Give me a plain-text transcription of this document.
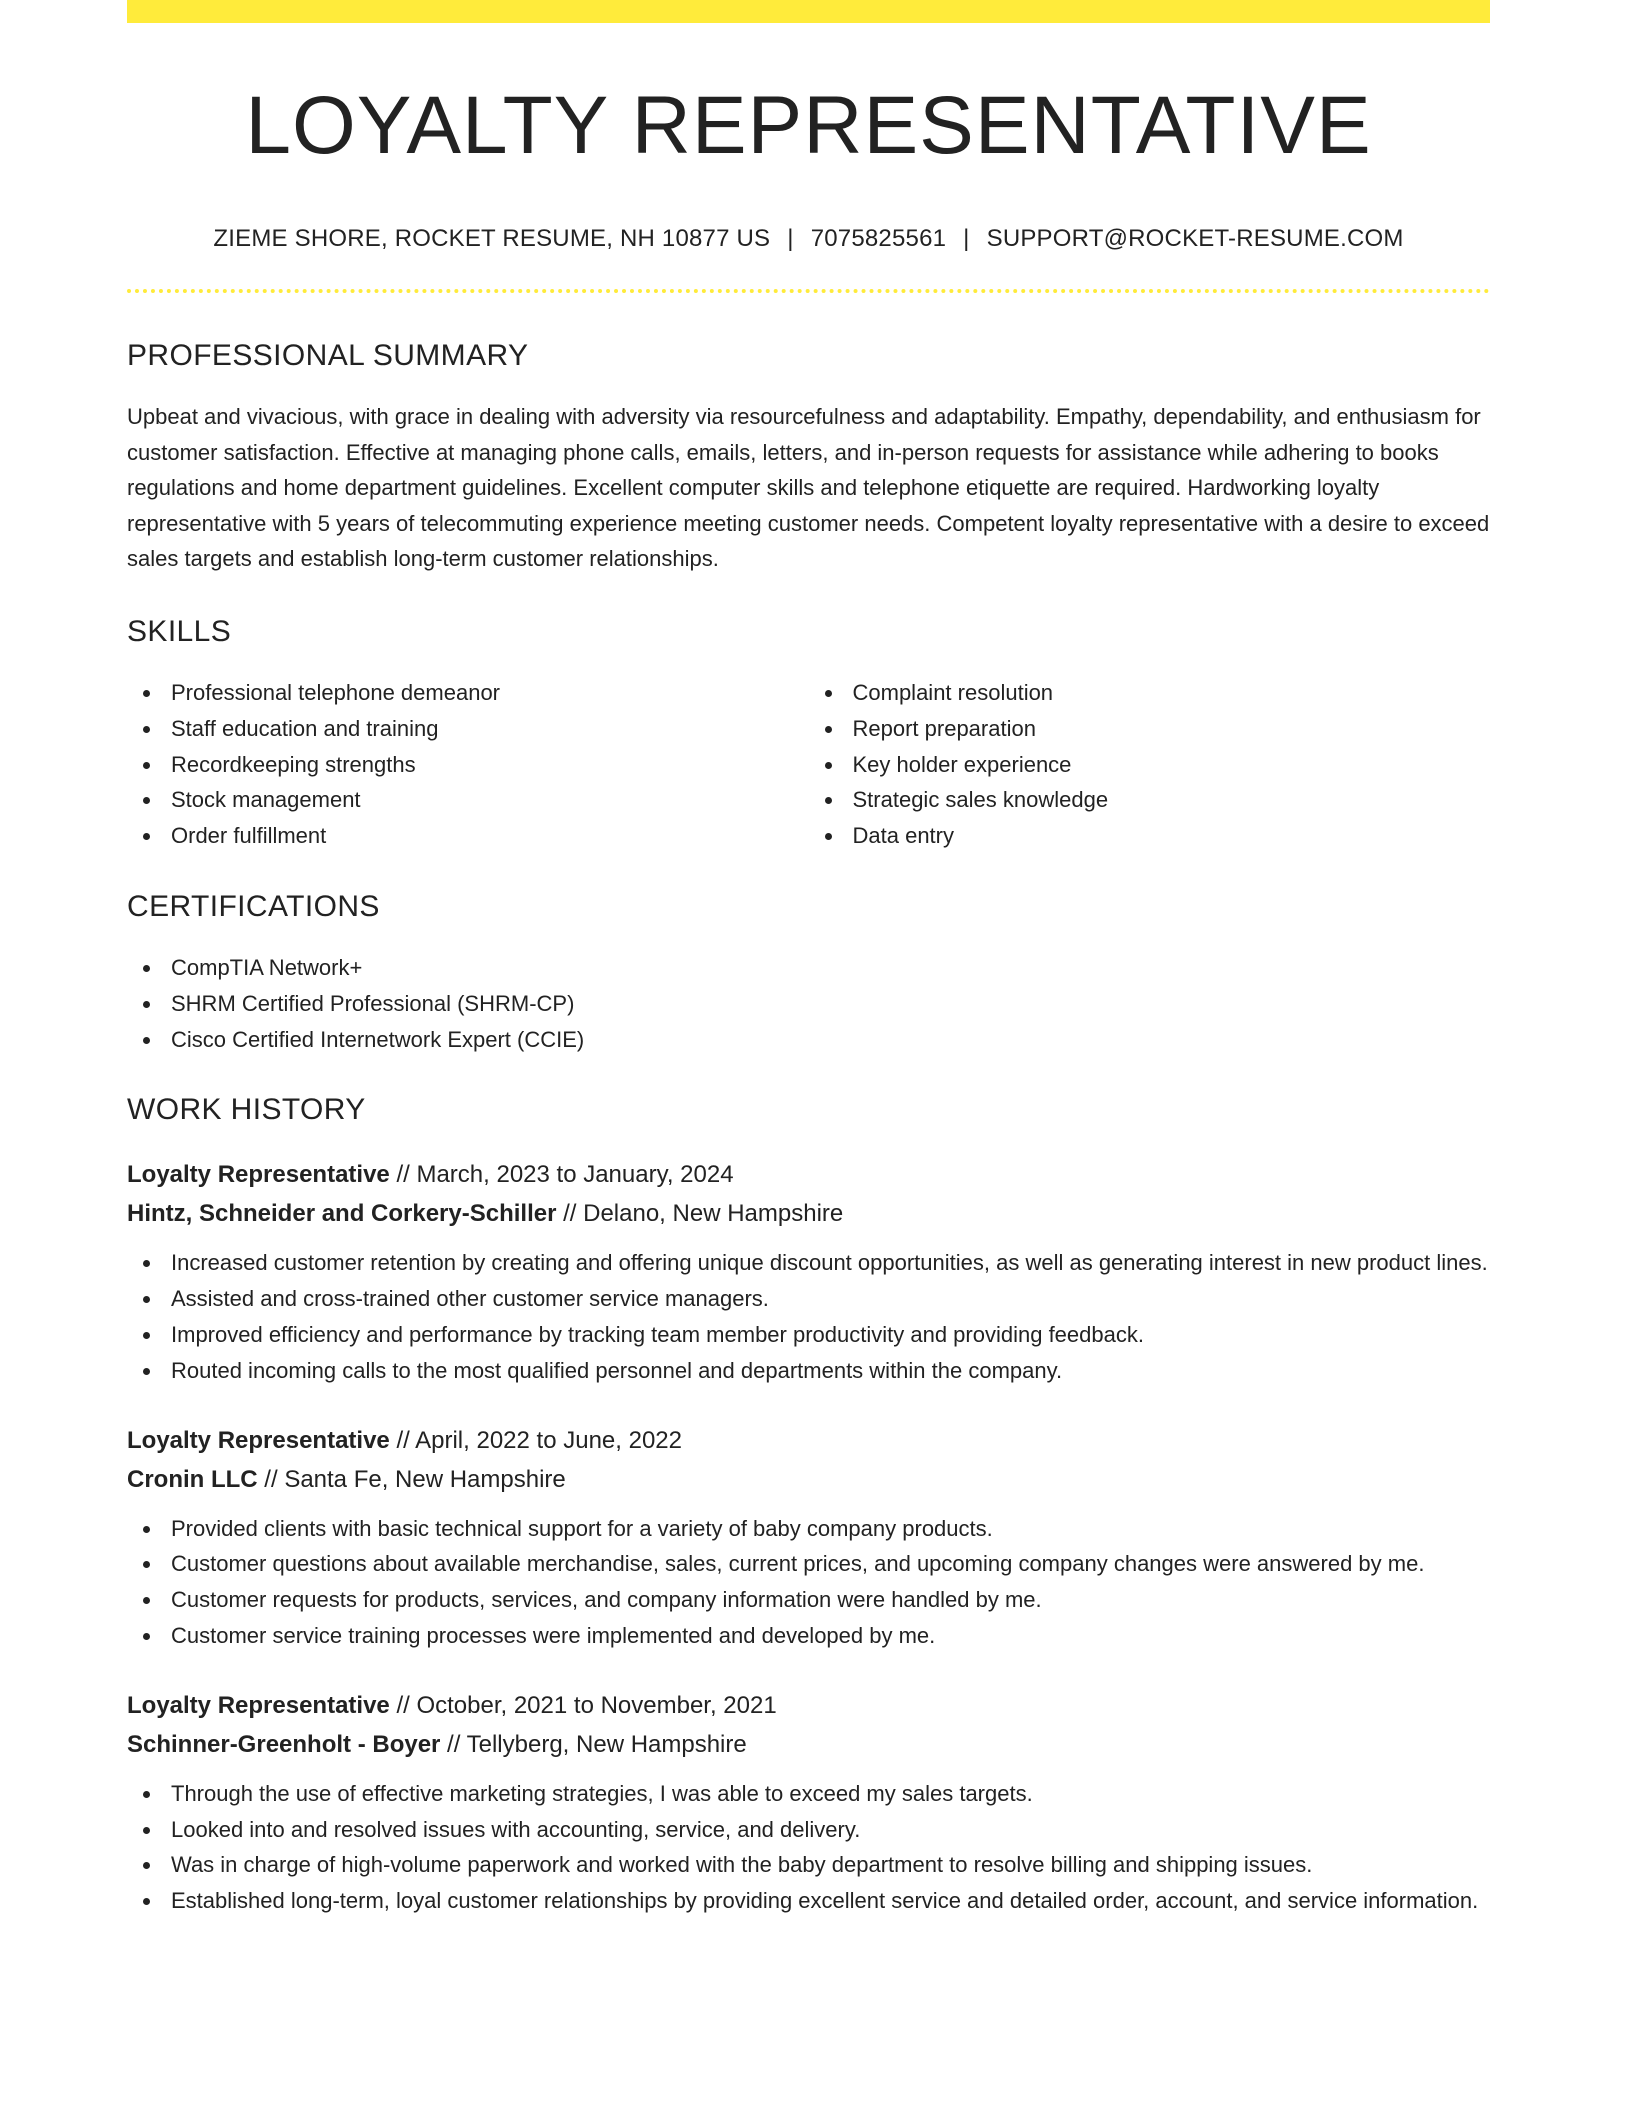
LOYALTY REPRESENTATIVE
ZIEME SHORE, ROCKET RESUME, NH 10877 US | 7075825561 | SUPPORT@ROCKET-RESUME.COM
PROFESSIONAL SUMMARY

Upbeat and vivacious, with grace in dealing with adversity via resourcefulness and adaptability. Empathy, dependability, and enthusiasm for customer satisfaction. Effective at managing phone calls, emails, letters, and in-person requests for assistance while adhering to books regulations and home department guidelines. Excellent computer skills and telephone etiquette are required. Hardworking loyalty representative with 5 years of telecommuting experience meeting customer needs. Competent loyalty representative with a desire to exceed sales targets and establish long-term customer relationships.

SKILLS
Professional telephone demeanor
Staff education and training
Recordkeeping strengths
Stock management
Order fulfillment
Complaint resolution
Report preparation
Key holder experience
Strategic sales knowledge
Data entry
CERTIFICATIONS
CompTIA Network+
SHRM Certified Professional (SHRM-CP)
Cisco Certified Internetwork Expert (CCIE)
WORK HISTORY
Loyalty Representative // March, 2023 to January, 2024
Hintz, Schneider and Corkery-Schiller // Delano, New Hampshire
Increased customer retention by creating and offering unique discount opportunities, as well as generating interest in new product lines.
Assisted and cross-trained other customer service managers.
Improved efficiency and performance by tracking team member productivity and providing feedback.
Routed incoming calls to the most qualified personnel and departments within the company.
Loyalty Representative // April, 2022 to June, 2022
Cronin LLC // Santa Fe, New Hampshire
Provided clients with basic technical support for a variety of baby company products.
Customer questions about available merchandise, sales, current prices, and upcoming company changes were answered by me.
Customer requests for products, services, and company information were handled by me.
Customer service training processes were implemented and developed by me.
Loyalty Representative // October, 2021 to November, 2021
Schinner-Greenholt - Boyer // Tellyberg, New Hampshire
Through the use of effective marketing strategies, I was able to exceed my sales targets.
Looked into and resolved issues with accounting, service, and delivery.
Was in charge of high-volume paperwork and worked with the baby department to resolve billing and shipping issues.
Established long-term, loyal customer relationships by providing excellent service and detailed order, account, and service information.
